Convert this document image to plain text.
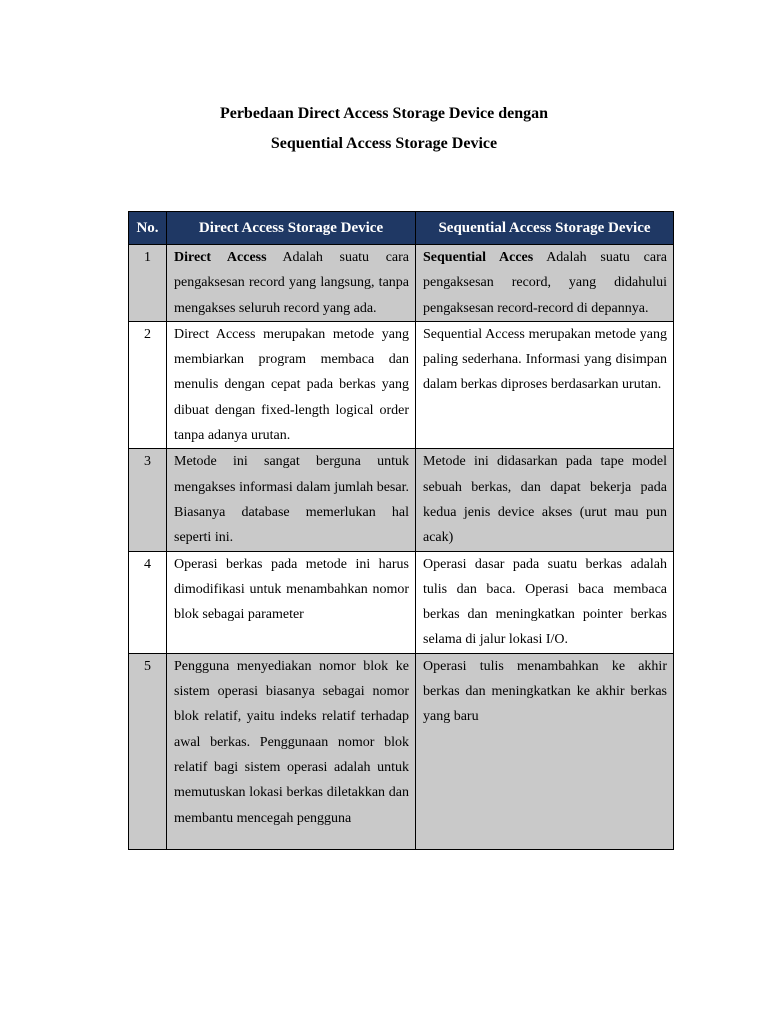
Perbedaan Direct Access Storage Device dengan
Sequential Access Storage Device
No.	Direct Access Storage Device	Sequential Access Storage Device
1	Direct Access Adalah suatu cara pengaksesan record yang langsung, tanpa mengakses seluruh record yang ada.	Sequential Acces Adalah suatu cara pengaksesan record, yang didahului pengaksesan record-record di depannya.

2	Direct Access merupakan metode yang membiarkan program membaca dan menulis dengan cepat pada berkas yang dibuat dengan fixed-length logical order tanpa adanya urutan.	Sequential Access merupakan metode yang paling sederhana. Informasi yang disimpan dalam berkas diproses berdasarkan urutan.

3	Metode ini sangat berguna untuk mengakses informasi dalam jumlah besar. Biasanya database memerlukan hal seperti ini.	Metode ini didasarkan pada tape model sebuah berkas, dan dapat bekerja pada kedua jenis device akses (urut mau pun acak)

4	Operasi berkas pada metode ini harus dimodifikasi untuk menambahkan nomor blok sebagai parameter	Operasi dasar pada suatu berkas adalah tulis dan baca. Operasi baca membaca berkas dan meningkatkan pointer berkas selama di jalur lokasi I/O.

5	Pengguna menyediakan nomor blok ke sistem operasi biasanya sebagai nomor blok relatif, yaitu indeks relatif terhadap awal berkas. Penggunaan nomor blok relatif bagi sistem operasi adalah untuk memutuskan lokasi berkas diletakkan dan membantu mencegah pengguna	Operasi tulis menambahkan ke akhir berkas dan meningkatkan ke akhir berkas yang baru
